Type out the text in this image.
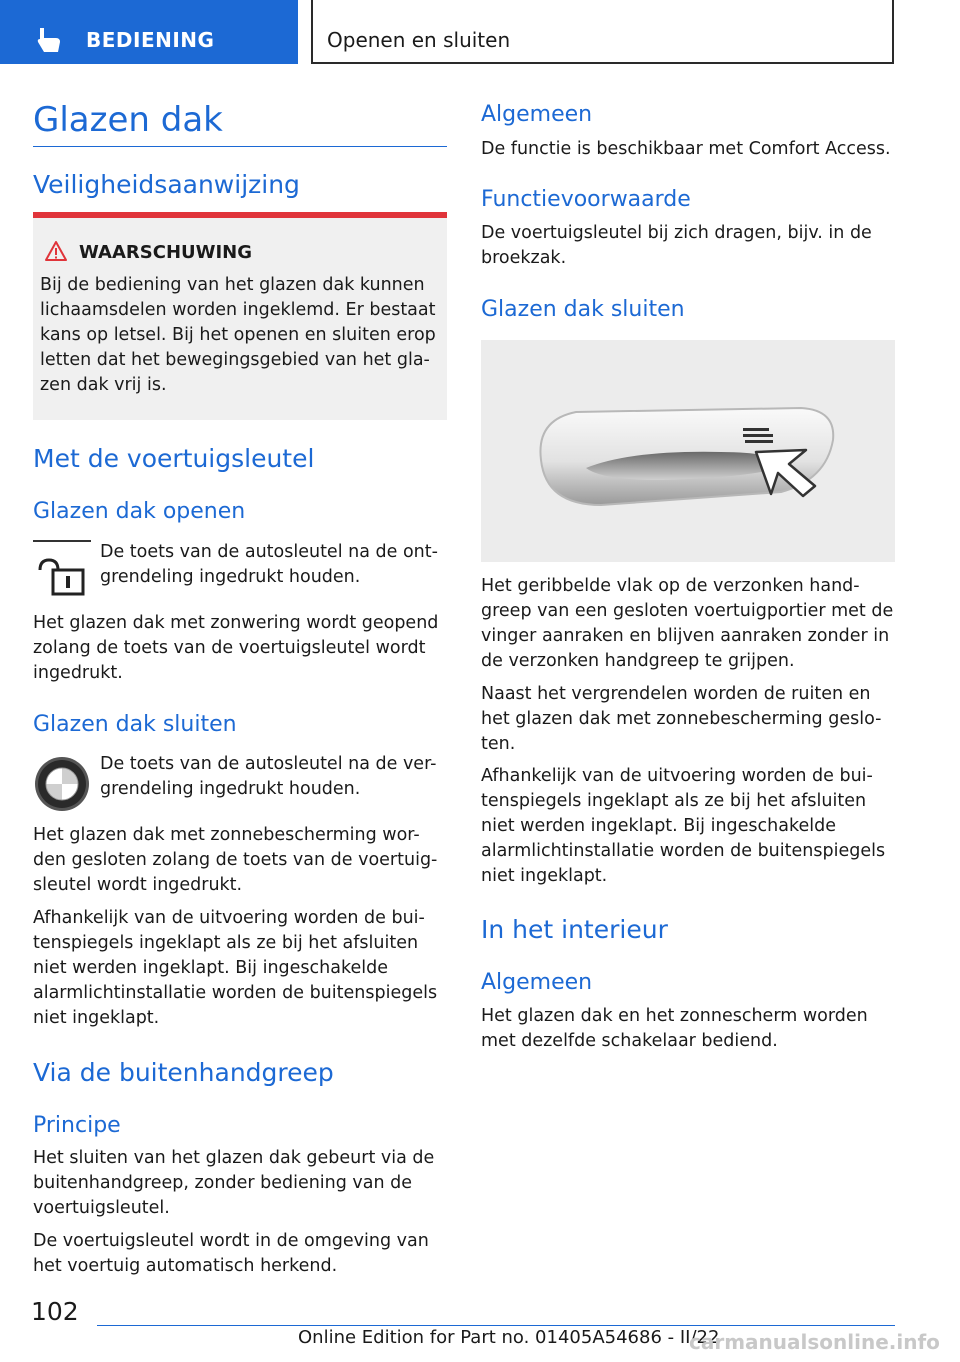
BEDIENING	Openen en sluiten
Glazen dak
Veiligheidsaanwijzing
WAARSCHUWING
Bij de bediening van het glazen dak kunnen
lichaamsdelen worden ingeklemd. Er bestaat
kans op letsel. Bij het openen en sluiten erop
letten dat het bewegingsgebied van het gla-
zen dak vrij is.
Met de voertuigsleutel
Glazen dak openen
De toets van de autosleutel na de ont-
grendeling ingedrukt houden.
Het glazen dak met zonwering wordt geopend
zolang de toets van de voertuigsleutel wordt
ingedrukt.
Glazen dak sluiten
De toets van de autosleutel na de ver-
grendeling ingedrukt houden.
Het glazen dak met zonnebescherming wor-
den gesloten zolang de toets van de voertuig-
sleutel wordt ingedrukt.
Afhankelijk van de uitvoering worden de bui-
tenspiegels ingeklapt als ze bij het afsluiten
niet werden ingeklapt. Bij ingeschakelde
alarmlichtinstallatie worden de buitenspiegels
niet ingeklapt.
Via de buitenhandgreep
Principe
Het sluiten van het glazen dak gebeurt via de
buitenhandgreep, zonder bediening van de
voertuigsleutel.
De voertuigsleutel wordt in de omgeving van
het voertuig automatisch herkend.
Algemeen
De functie is beschikbaar met Comfort Access.
Functievoorwaarde
De voertuigsleutel bij zich dragen, bijv. in de
broekzak.
Glazen dak sluiten
Het geribbelde vlak op de verzonken hand-
greep van een gesloten voertuigportier met de
vinger aanraken en blijven aanraken zonder in
de verzonken handgreep te grijpen.
Naast het vergrendelen worden de ruiten en
het glazen dak met zonnebescherming geslo-
ten.
Afhankelijk van de uitvoering worden de bui-
tenspiegels ingeklapt als ze bij het afsluiten
niet werden ingeklapt. Bij ingeschakelde
alarmlichtinstallatie worden de buitenspiegels
niet ingeklapt.
In het interieur
Algemeen
Het glazen dak en het zonnescherm worden
met dezelfde schakelaar bediend.
102
Online Edition for Part no. 01405A54686 - II/22
carmanualsonline.info
